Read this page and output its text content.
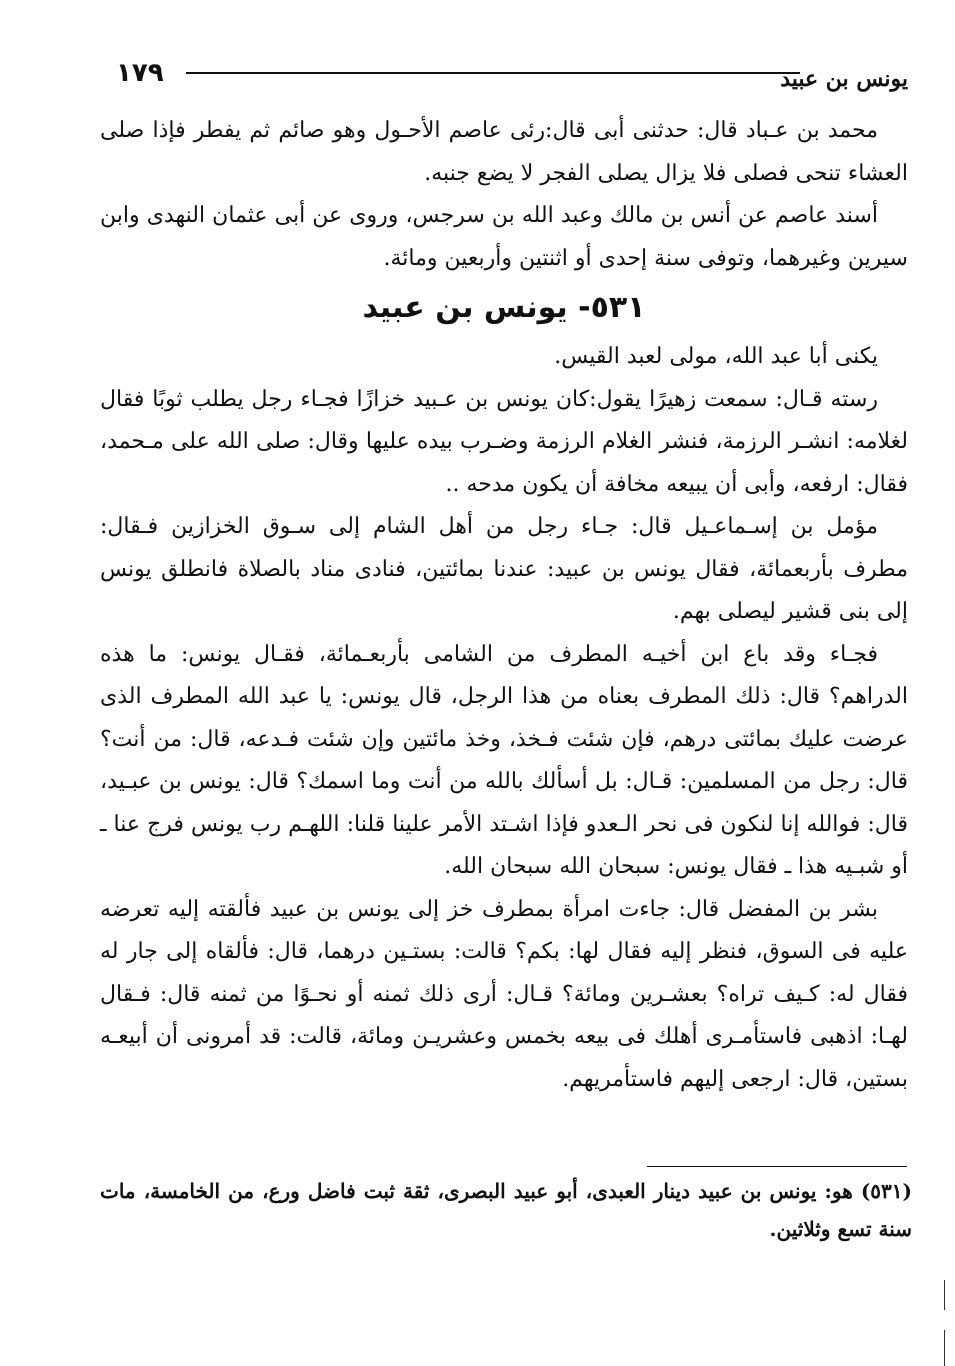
١٧٩	يونس بن عبيد

محمد بن عـباد قال: حدثنى أبى قال:رئى عاصم الأحـول وهو صائم ثم يفطر فإذا صلى العشاء تنحى فصلى فلا يزال يصلى الفجر لا يضع جنبه.

أسند عاصم عن أنس بن مالك وعبد الله بن سرجس، وروى عن أبى عثمان النهدى وابن سيرين وغيرهما، وتوفى سنة إحدى أو اثنتين وأربعين ومائة.

٥٣١- يونس بن عبيد

يكنى أبا عبد الله، مولى لعبد القيس.

رسته قـال: سمعت زهيرًا يقول:كان يونس بن عـبيد خزازًا فجـاء رجل يطلب ثوبًا فقال لغلامه: انشـر الرزمة، فنشر الغلام الرزمة وضـرب بيده عليها وقال: صلى الله على مـحمد، فقال: ارفعه، وأبى أن يبيعه مخافة أن يكون مدحه ..

مؤمل بن إسـماعـيل قال: جـاء رجل من أهل الشام إلى سـوق الخزازين فـقال: مطرف بأربعمائة، فقال يونس بن عبيد: عندنا بمائتين، فنادى مناد بالصلاة فانطلق يونس إلى بنى قشير ليصلى بهم.

فجـاء وقد باع ابن أخيـه المطرف من الشامى بأربعـمائة، فقـال يونس: ما هذه الدراهم؟ قال: ذلك المطرف بعناه من هذا الرجل، قال يونس: يا عبد الله المطرف الذى عرضت عليك بمائتى درهم، فإن شئت فـخذ، وخذ مائتين وإن شئت فـدعه، قال: من أنت؟ قال: رجل من المسلمين: قـال: بل أسألك بالله من أنت وما اسمك؟ قال: يونس بن عبـيد، قال: فوالله إنا لنكون فى نحر الـعدو فإذا اشـتد الأمر علينا قلنا: اللهـم رب يونس فرج عنا ـ أو شبـيه هذا ـ فقال يونس: سبحان الله سبحان الله.

بشر بن المفضل قال: جاءت امرأة بمطرف خز إلى يونس بن عبيد فألقته إليه تعرضه عليه فى السوق، فنظر إليه فقال لها: بكم؟ قالت: بستـين درهما، قال: فألقاه إلى جار له فقال له: كـيف تراه؟ بعشـرين ومائة؟ قـال: أرى ذلك ثمنه أو نحـوًا من ثمنه قال: فـقال لهـا: اذهبى فاستأمـرى أهلك فى بيعه بخمس وعشريـن ومائة، قالت: قد أمرونى أن أبيعـه بستين، قال: ارجعى إليهم فاستأمريهم.

(٥٣١) هو: يونس بن عبيد دينار العبدى، أبو عبيد البصرى، ثقة ثبت فاضل ورع، من الخامسة، مات سنة تسع وثلاثين.
